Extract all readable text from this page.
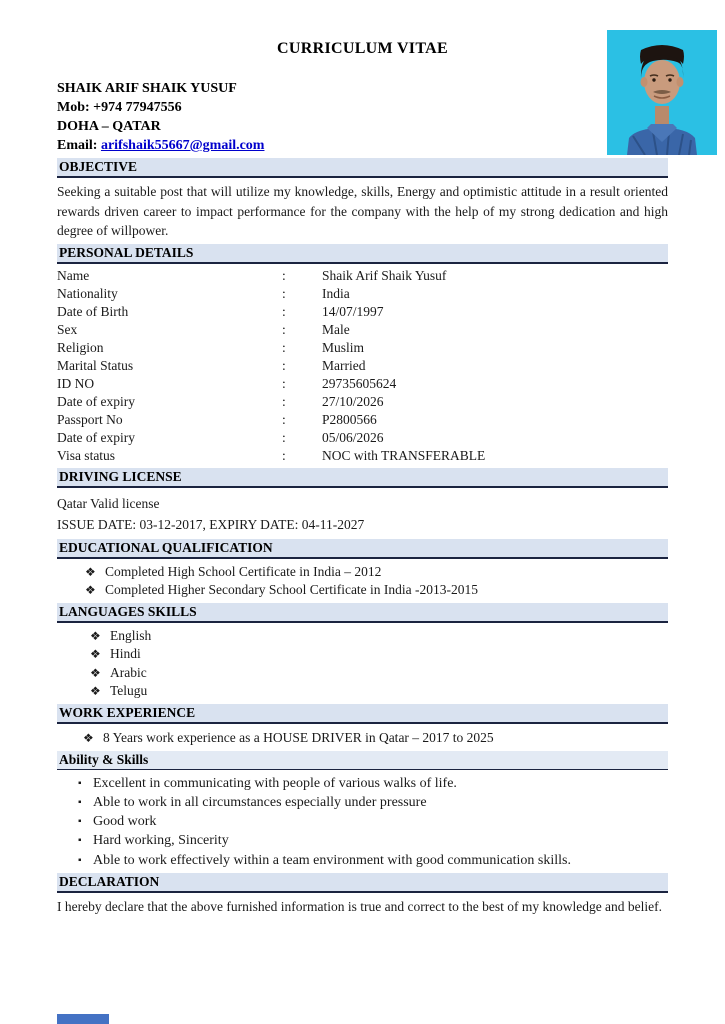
CURRICULUM VITAE
SHAIK ARIF SHAIK YUSUF
Mob: +974 77947556
DOHA – QATAR
Email: arifshaik55667@gmail.com
OBJECTIVE
Seeking a suitable post that will utilize my knowledge, skills, Energy and optimistic attitude in a result oriented rewards driven career to impact performance for the company with the help of my strong dedication and high degree of willpower.
PERSONAL DETAILS
Name	:	Shaik Arif Shaik Yusuf
Nationality	:	India
Date of Birth	:	14/07/1997
Sex	:	Male
Religion	:	Muslim
Marital Status	:	Married
ID NO	:	29735605624
Date of expiry	:	27/10/2026
Passport No	:	P2800566
Date of expiry	:	05/06/2026
Visa status	:	NOC with TRANSFERABLE
DRIVING LICENSE
Qatar Valid license
ISSUE DATE: 03-12-2017, EXPIRY DATE: 04-11-2027
EDUCATIONAL QUALIFICATION
❖ Completed High School Certificate in India – 2012
❖ Completed Higher Secondary School Certificate in India -2013-2015
LANGUAGES SKILLS
❖ English
❖ Hindi
❖ Arabic
❖ Telugu
WORK EXPERIENCE
❖ 8 Years work experience as a HOUSE DRIVER in Qatar – 2017 to 2025
Ability & Skills
▪ Excellent in communicating with people of various walks of life.
▪ Able to work in all circumstances especially under pressure
▪ Good work
▪ Hard working, Sincerity
▪ Able to work effectively within a team environment with good communication skills.
DECLARATION
I hereby declare that the above furnished information is true and correct to the best of my knowledge and belief.
